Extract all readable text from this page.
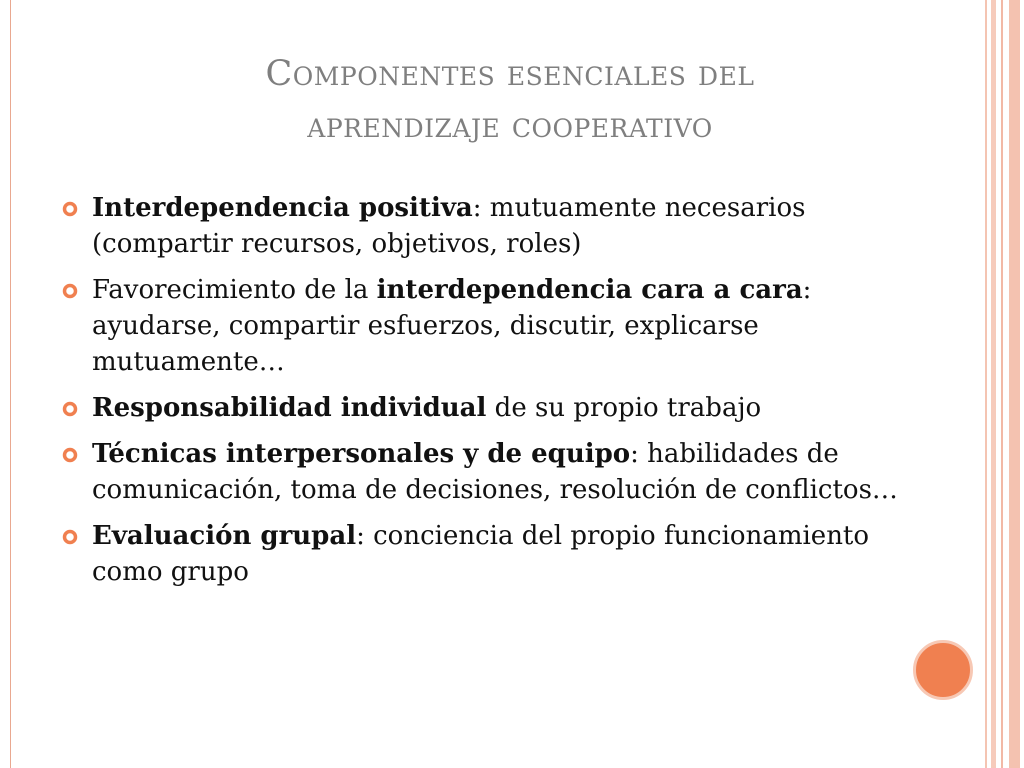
Componentes esenciales del
aprendizaje cooperativo
Interdependencia positiva: mutuamente necesarios (compartir recursos, objetivos, roles)
Favorecimiento de la interdependencia cara a cara: ayudarse, compartir esfuerzos, discutir, explicarse mutuamente…
Responsabilidad individual de su propio trabajo
Técnicas interpersonales y de equipo: habilidades de comunicación, toma de decisiones, resolución de conflictos…
Evaluación grupal: conciencia del propio funcionamiento como grupo
